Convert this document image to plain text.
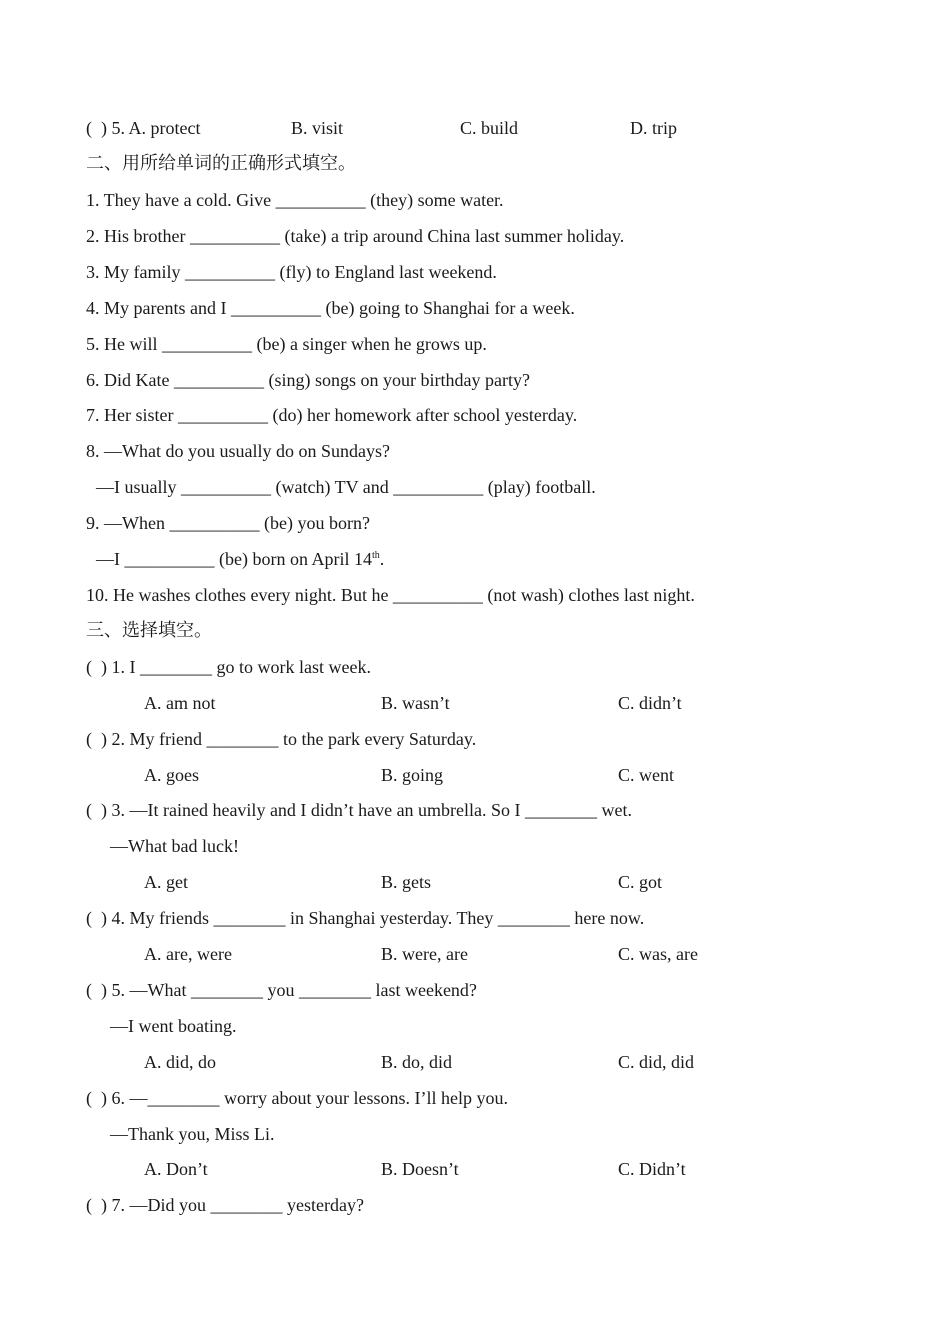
(  ) 5. A. protect	B. visit	C. build	D. trip
二、用所给单词的正确形式填空。
1. They have a cold. Give __________ (they) some water.
2. His brother __________ (take) a trip around China last summer holiday.
3. My family __________ (fly) to England last weekend.
4. My parents and I __________ (be) going to Shanghai for a week.
5. He will __________ (be) a singer when he grows up.
6. Did Kate __________ (sing) songs on your birthday party?
7. Her sister __________ (do) her homework after school yesterday.
8. —What do you usually do on Sundays?
—I usually __________ (watch) TV and __________ (play) football.
9. —When __________ (be) you born?
—I __________ (be) born on April 14th.
10. He washes clothes every night. But he __________ (not wash) clothes last night.
三、选择填空。
(  ) 1. I ________ go to work last week.
A. am not	B. wasn’t	C. didn’t
(  ) 2. My friend ________ to the park every Saturday.
A. goes	B. going	C. went
(  ) 3. —It rained heavily and I didn’t have an umbrella. So I ________ wet.
—What bad luck!
A. get	B. gets	C. got
(  ) 4. My friends ________ in Shanghai yesterday. They ________ here now.
A. are, were	B. were, are	C. was, are
(  ) 5. —What ________ you ________ last weekend?
—I went boating.
A. did, do	B. do, did	C. did, did
(  ) 6. —________ worry about your lessons. I’ll help you.
—Thank you, Miss Li.
A. Don’t	B. Doesn’t	C. Didn’t
(  ) 7. —Did you ________ yesterday?
